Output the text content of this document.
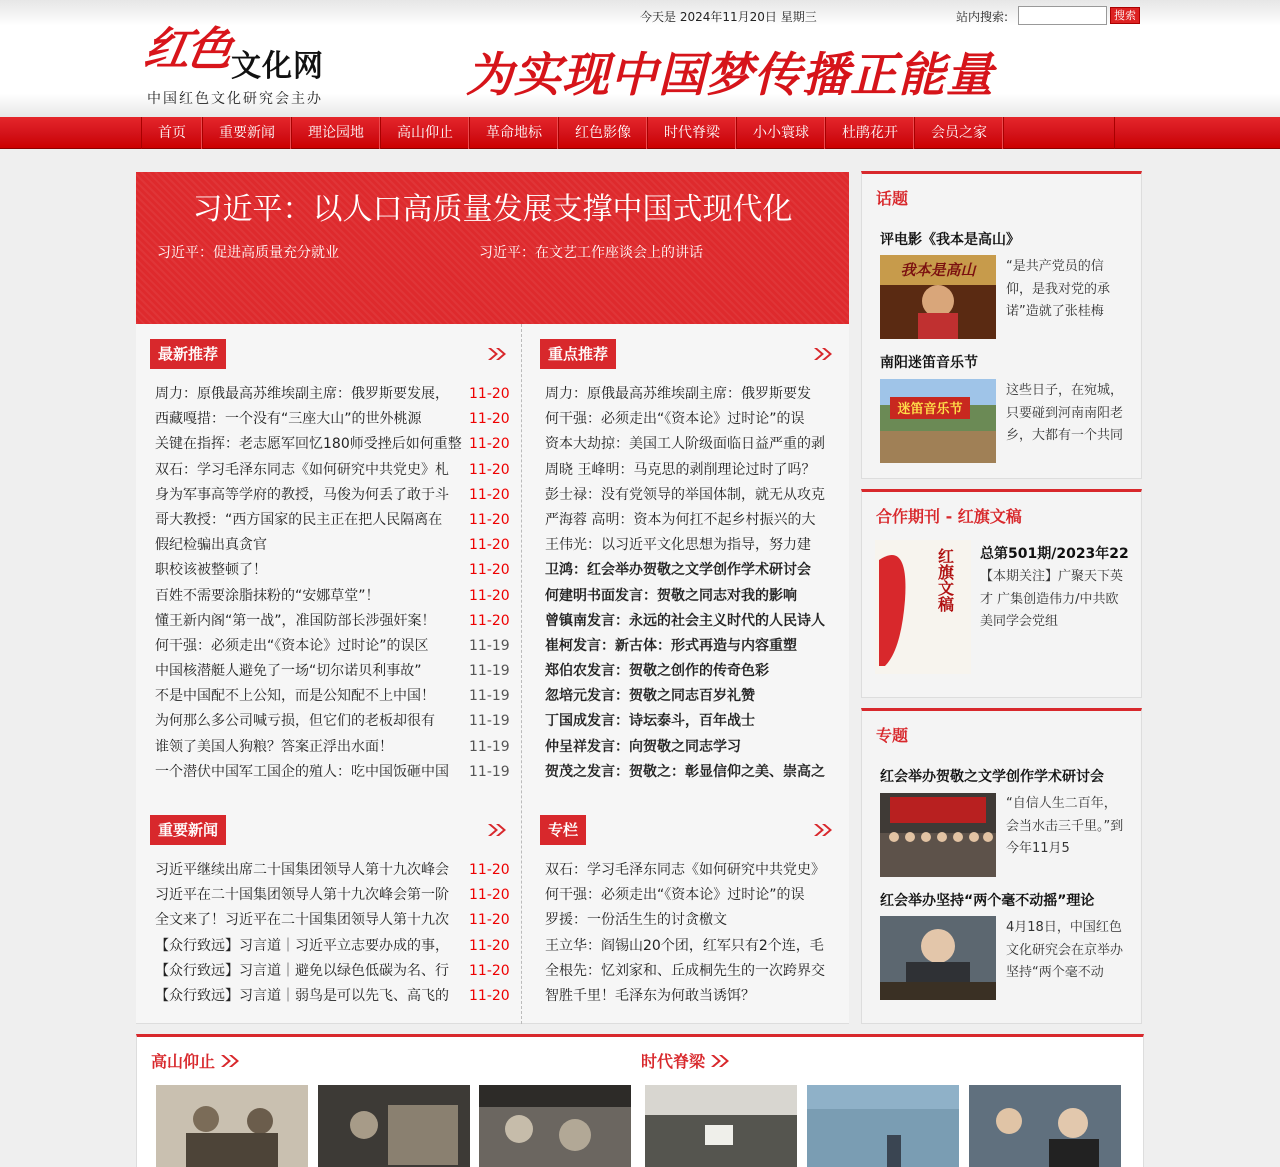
今天是 2024年11月20日 星期三	站内搜索:	搜索
红色
文化网
中国红色文化研究会主办	为实现中国梦传播正能量
首页	重要新闻	理论园地	高山仰止	革命地标	红色影像	时代脊梁	小小寰球	杜鹃花开	会员之家
习近平：以人口高质量发展支撑中国式现代化
习近平：促进高质量充分就业	习近平：在文艺工作座谈会上的讲话
最新推荐
周力：原俄最高苏维埃副主席：俄罗斯要发展， 11-20
西藏嘎措：一个没有“三座大山”的世外桃源	11-20
关键在指挥：老志愿军回忆180师受挫后如何重整 11-20
双石：学习毛泽东同志《如何研究中共党史》札 11-20
身为军事高等学府的教授，马俊为何丢了敢于斗 11-20
哥大教授：“西方国家的民主正在把人民隔离在 11-20
假纪检骗出真贪官	11-20
职校该被整顿了！	11-20
百姓不需要涂脂抹粉的“安娜草堂”！	11-20
懂王新内阁“第一战”，准国防部长涉强奸案！ 11-20
何干强：必须走出“《资本论》过时论”的误区	11-19
中国核潜艇人避免了一场“切尔诺贝利事故”	11-19
不是中国配不上公知，而是公知配不上中国！ 11-19
为何那么多公司喊亏损，但它们的老板却很有 11-19
谁领了美国人狗粮？答案正浮出水面！	11-19
一个潜伏中国军工国企的殖人：吃中国饭砸中国 11-19
重点推荐
周力：原俄最高苏维埃副主席：俄罗斯要发
何干强：必须走出“《资本论》过时论”的误
资本大劫掠：美国工人阶级面临日益严重的剥
周晓 王峰明：马克思的剥削理论过时了吗？
彭士禄：没有党领导的举国体制，就无从攻克
严海蓉 高明：资本为何扛不起乡村振兴的大
王伟光：以习近平文化思想为指导，努力建
卫鸿：红会举办贺敬之文学创作学术研讨会
何建明书面发言：贺敬之同志对我的影响
曾镇南发言：永远的社会主义时代的人民诗人
崔柯发言：新古体：形式再造与内容重塑
郑伯农发言：贺敬之创作的传奇色彩
忽培元发言：贺敬之同志百岁礼赞
丁国成发言：诗坛泰斗，百年战士
仲呈祥发言：向贺敬之同志学习
贺茂之发言：贺敬之：彰显信仰之美、崇高之
重要新闻
习近平继续出席二十国集团领导人第十九次峰会 11-20
习近平在二十国集团领导人第十九次峰会第一阶 11-20
全文来了！习近平在二十国集团领导人第十九次 11-20
【众行致远】习言道｜习近平立志要办成的事， 11-20
【众行致远】习言道｜避免以绿色低碳为名、行 11-20
【众行致远】习言道｜弱鸟是可以先飞、高飞的 11-20
专栏
双石：学习毛泽东同志《如何研究中共党史》
何干强：必须走出“《资本论》过时论”的误
罗援：一份活生生的讨贪檄文
王立华：阎锡山20个团，红军只有2个连，毛
全根先：忆刘家和、丘成桐先生的一次跨界交
智胜千里！毛泽东为何敢当诱饵？
话题
评电影《我本是高山》
我本是高山 “是共产党员的信仰，是我对党的承诺”造就了张桂梅
南阳迷笛音乐节
迷笛音乐节
这些日子，在宛城，只要碰到河南南阳老乡，大都有一个共同
合作期刊 - 红旗文稿
红旗文稿 总第501期/2023年22
【本期关注】广聚天下英才 广集创造伟力/中共欧美同学会党组
专题
红会举办贺敬之文学创作学术研讨会
“自信人生二百年，会当水击三千里。”到今年11月5
红会举办坚持“两个毫不动摇”理论
4月18日，中国红色文化研究会在京举办坚持“两个毫不动
高山仰止	时代脊梁
